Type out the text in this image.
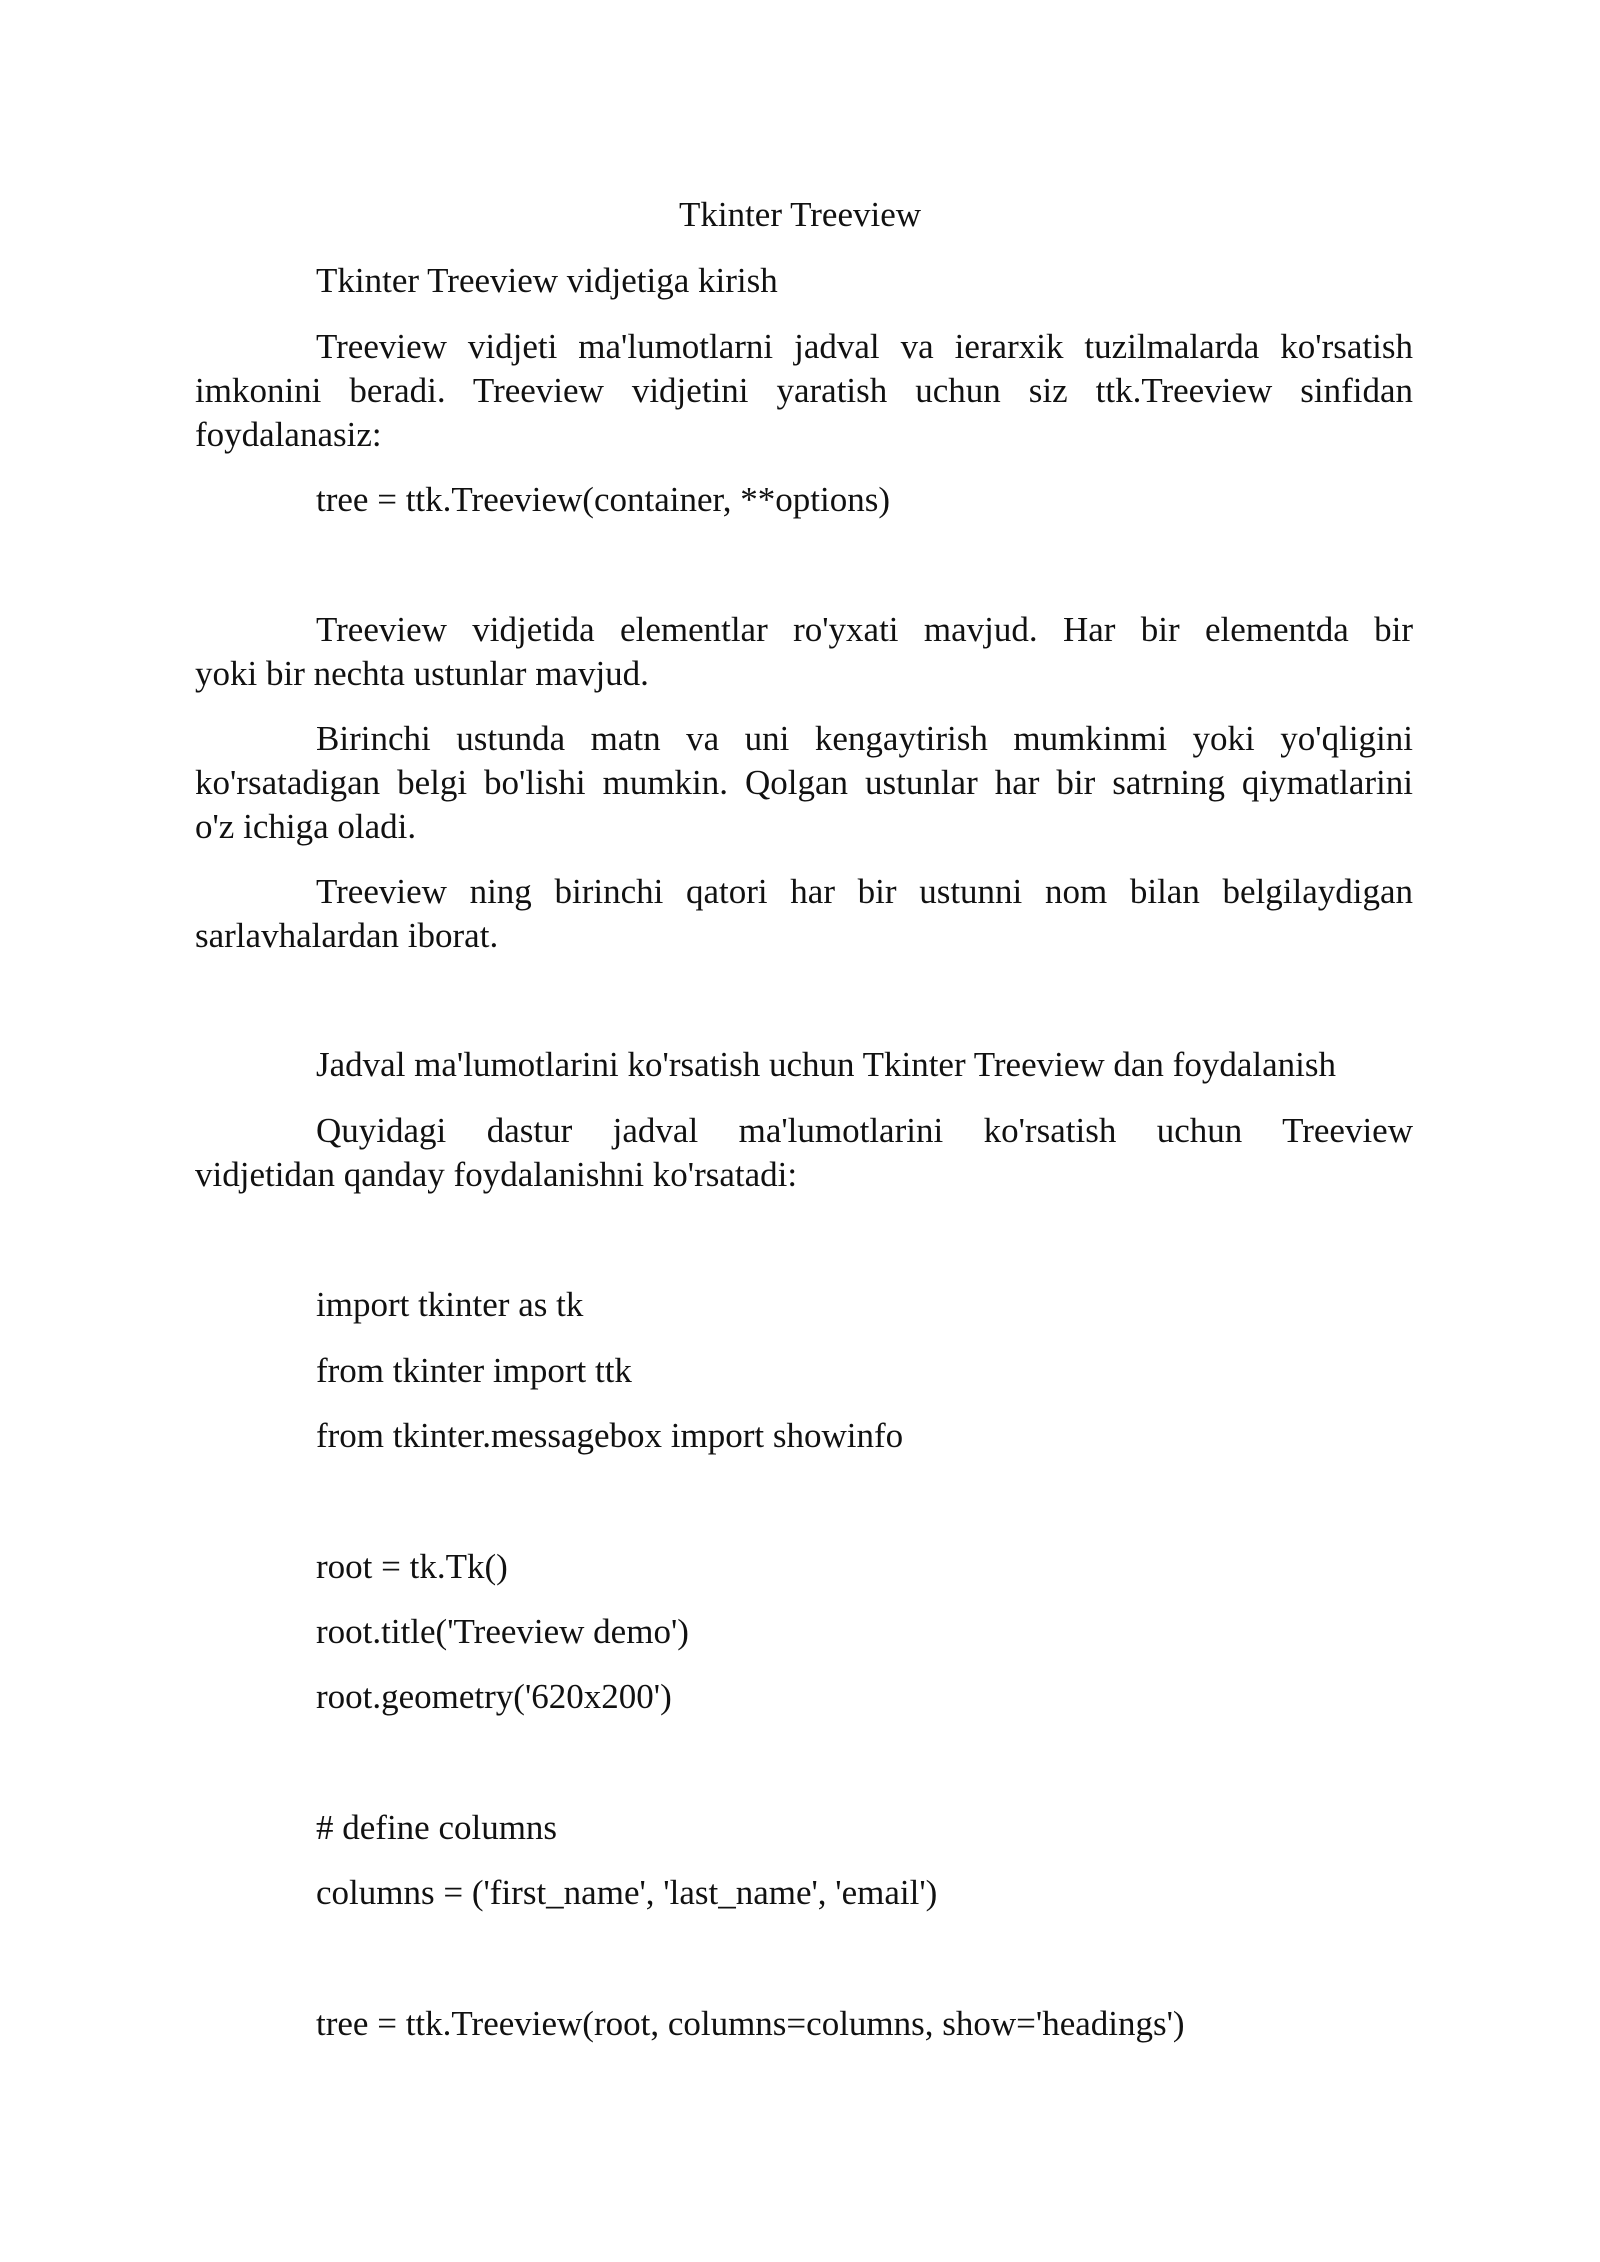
Tkinter Treeview

Tkinter Treeview vidjetiga kirish

Treeview vidjeti ma'lumotlarni jadval va ierarxik tuzilmalarda ko'rsatish
imkonini beradi. Treeview vidjetini yaratish uchun siz ttk.Treeview sinfidan
foydalanasiz:

tree = ttk.Treeview(container, **options)

Treeview vidjetida elementlar ro'yxati mavjud. Har bir elementda bir
yoki bir nechta ustunlar mavjud.
Birinchi ustunda matn va uni kengaytirish mumkinmi yoki yo'qligini
ko'rsatadigan belgi bo'lishi mumkin. Qolgan ustunlar har bir satrning qiymatlarini
o'z ichiga oladi.
Treeview ning birinchi qatori har bir ustunni nom bilan belgilaydigan
sarlavhalardan iborat.

Jadval ma'lumotlarini ko'rsatish uchun Tkinter Treeview dan foydalanish

Quyidagi dastur jadval ma'lumotlarini ko'rsatish uchun Treeview
vidjetidan qanday foydalanishni ko'rsatadi:

import tkinter as tk

from tkinter import ttk

from tkinter.messagebox import showinfo

root = tk.Tk()

root.title('Treeview demo')

root.geometry('620x200')

# define columns

columns = ('first_name', 'last_name', 'email')

tree = ttk.Treeview(root, columns=columns, show='headings')
